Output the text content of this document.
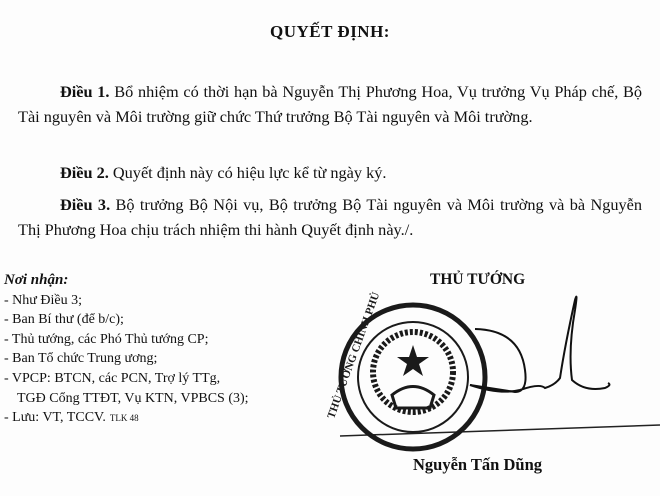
QUYẾT ĐỊNH:
Điều 1. Bổ nhiệm có thời hạn bà Nguyễn Thị Phương Hoa, Vụ trưởng Vụ Pháp chế, Bộ Tài nguyên và Môi trường giữ chức Thứ trưởng Bộ Tài nguyên và Môi trường.
Điều 2. Quyết định này có hiệu lực kể từ ngày ký.
Điều 3. Bộ trưởng Bộ Nội vụ, Bộ trưởng Bộ Tài nguyên và Môi trường và bà Nguyễn Thị Phương Hoa chịu trách nhiệm thi hành Quyết định này./.
Nơi nhận:
- Như Điều 3;
- Ban Bí thư (để b/c);
- Thủ tướng, các Phó Thủ tướng CP;
- Ban Tổ chức Trung ương;
- VPCP: BTCN, các PCN, Trợ lý TTg,
TGĐ Cổng TTĐT, Vụ KTN, VPBCS (3);
- Lưu: VT, TCCV. TLK 48
THỦ TƯỚNG
THỦ TƯỚNG CHÍNH PHỦ
Nguyễn Tấn Dũng
